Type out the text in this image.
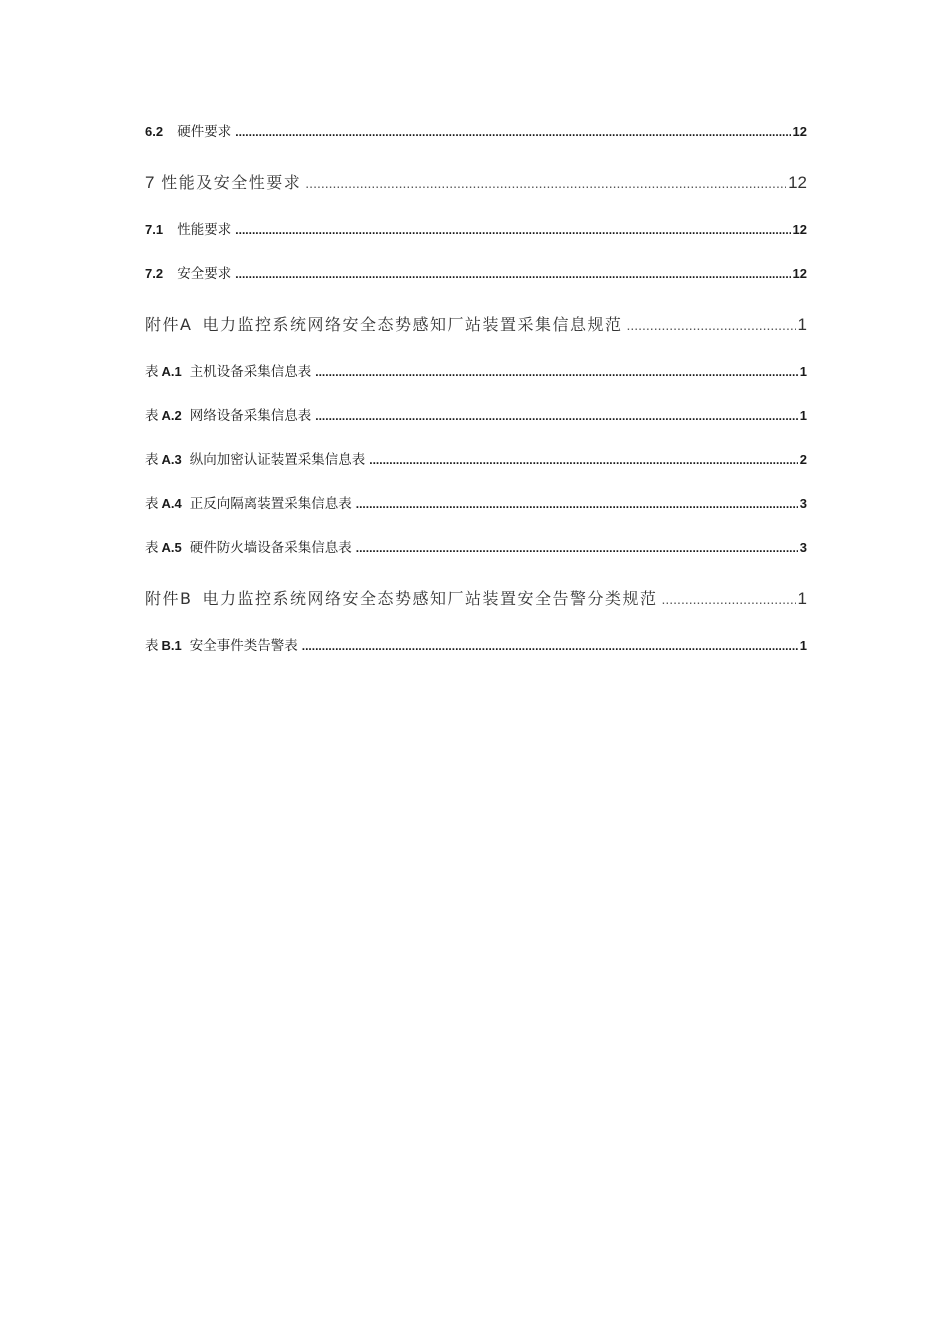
6.2	硬件要求 .....	12
7 性能及安全性要求 .....	12
7.1	性能要求 .....	12
7.2	安全要求 .....	12
附件A 电力监控系统网络安全态势感知厂站装置采集信息规范 .....	1
表 A.1 主机设备采集信息表 .....	1
表 A.2 网络设备采集信息表 .....	1
表 A.3 纵向加密认证装置采集信息表 .....	2
表 A.4 正反向隔离装置采集信息表 .....	3
表 A.5 硬件防火墙设备采集信息表 .....	3
附件B 电力监控系统网络安全态势感知厂站装置安全告警分类规范 .....	1
表 B.1 安全事件类告警表 .....	1
